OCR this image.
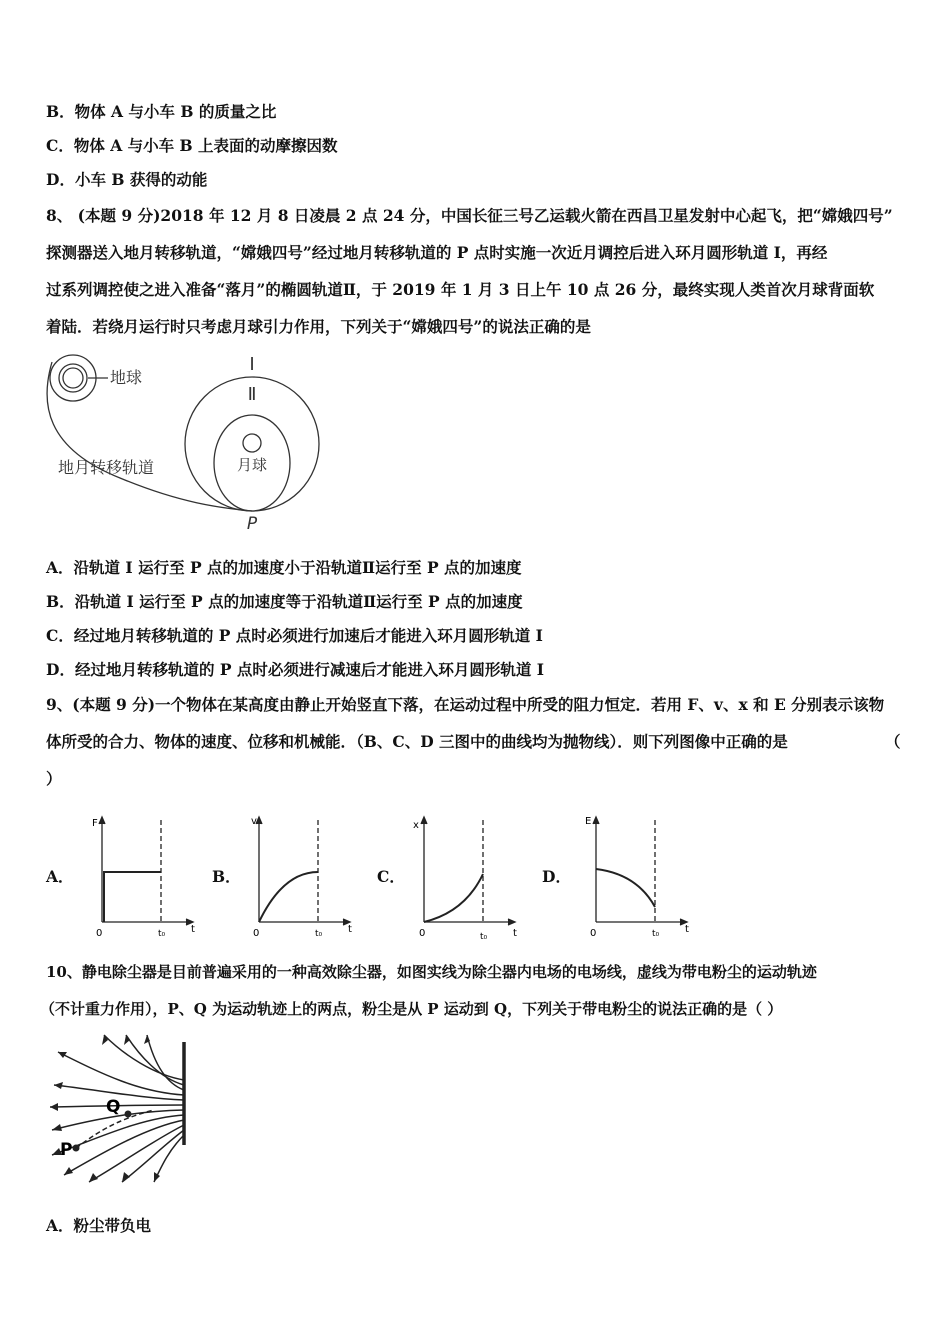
B．物体 A 与小车 B 的质量之比
C．物体 A 与小车 B 上表面的动摩擦因数
D．小车 B 获得的动能
8、 (本题 9 分)2018 年 12 月 8 日凌晨 2 点 24 分，中国长征三号乙运载火箭在西昌卫星发射中心起飞，把“嫦娥四号”
探测器送入地月转移轨道，“嫦娥四号”经过地月转移轨道的 P 点时实施一次近月调控后进入环月圆形轨道 I，再经
过系列调控使之进入准备“落月”的椭圆轨道Ⅱ，于 2019 年 1 月 3 日上午 10 点 26 分，最终实现人类首次月球背面软
着陆．若绕月运行时只考虑月球引力作用，下列关于“嫦娥四号”的说法正确的是
地球
地月转移轨道
I
Ⅱ
月球
P
A．沿轨道 I 运行至 P 点的加速度小于沿轨道Ⅱ运行至 P 点的加速度
B．沿轨道 I 运行至 P 点的加速度等于沿轨道Ⅱ运行至 P 点的加速度
C．经过地月转移轨道的 P 点时必须进行加速后才能进入环月圆形轨道 I
D．经过地月转移轨道的 P 点时必须进行减速后才能进入环月圆形轨道 I
9、(本题 9 分)一个物体在某高度由静止开始竖直下落，在运动过程中所受的阻力恒定．若用 F、v、x 和 E 分别表示该物
体所受的合力、物体的速度、位移和机械能．（B、C、D 三图中的曲线均为抛物线）．则下列图像中正确的是	（
）
A．
F
0	t
t₀
B．
v
0	t
t₀
C．
x
0	t
t₀
D．
E
0	t
t₀
10、静电除尘器是目前普遍采用的一种高效除尘器，如图实线为除尘器内电场的电场线，虚线为带电粉尘的运动轨迹
（不计重力作用），P、Q 为运动轨迹上的两点，粉尘是从 P 运动到 Q，下列关于带电粉尘的说法正确的是（ ）
P
Q
A．粉尘带负电
